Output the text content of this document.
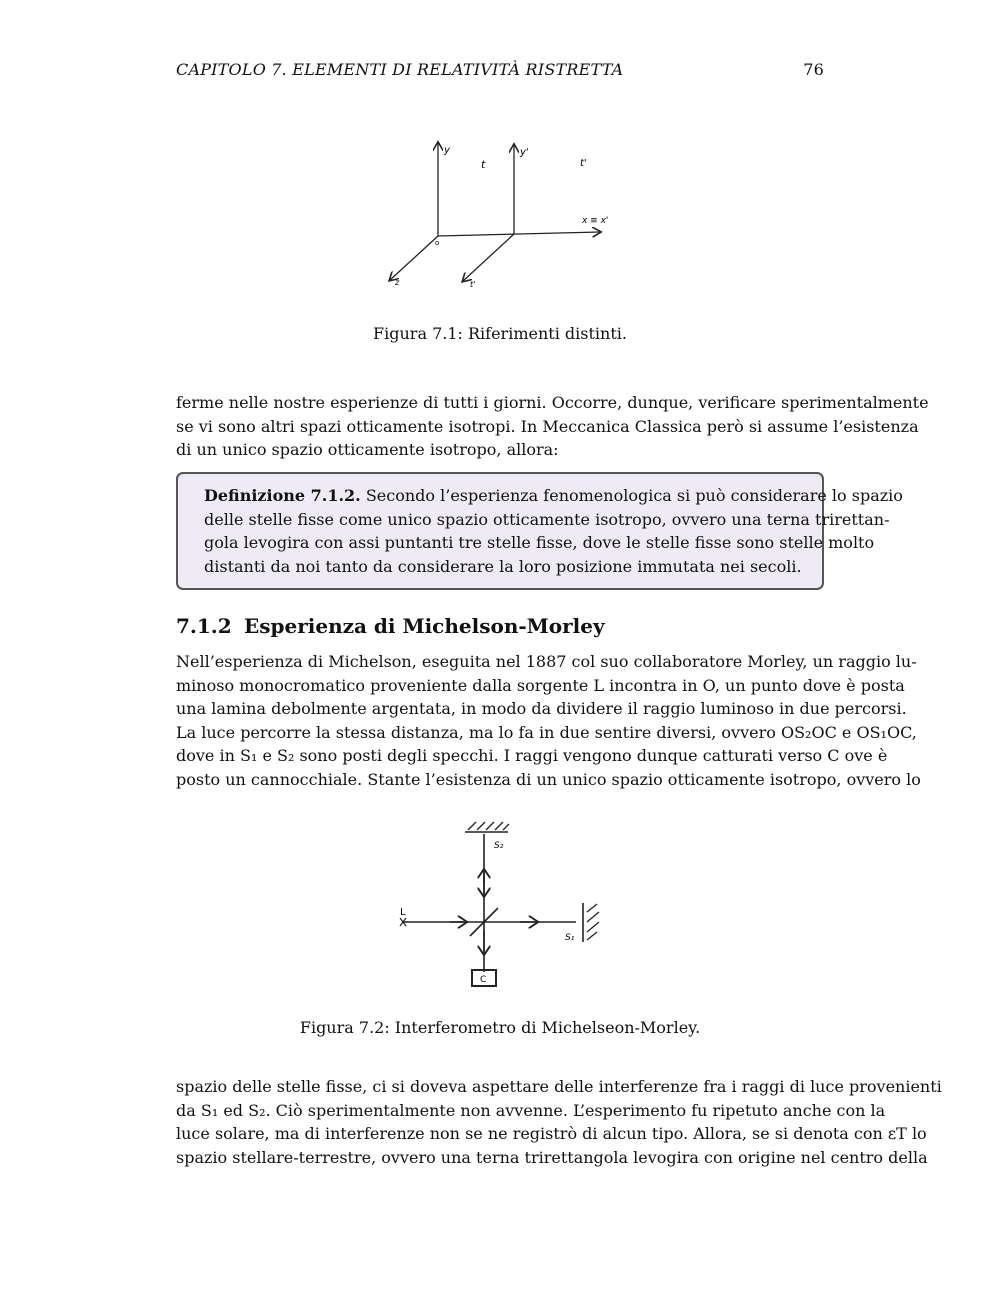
CAPITOLO 7. ELEMENTI DI RELATIVITÀ RISTRETTA	76
y	y'
t	t'
x ≡ x'
o
z	t'
Figura 7.1: Riferimenti distinti.
ferme nelle nostre esperienze di tutti i giorni. Occorre, dunque, verificare sperimentalmente
se vi sono altri spazi otticamente isotropi. In Meccanica Classica però si assume l’esistenza
di un unico spazio otticamente isotropo, allora:
Definizione 7.1.2. Secondo l’esperienza fenomenologica si può considerare lo spazio
delle stelle fisse come unico spazio otticamente isotropo, ovvero una terna trirettan-
gola levogira con assi puntanti tre stelle fisse, dove le stelle fisse sono stelle molto
distanti da noi tanto da considerare la loro posizione immutata nei secoli.
7.1.2 Esperienza di Michelson-Morley
Nell’esperienza di Michelson, eseguita nel 1887 col suo collaboratore Morley, un raggio lu-
minoso monocromatico proveniente dalla sorgente L incontra in O, un punto dove è posta
una lamina debolmente argentata, in modo da dividere il raggio luminoso in due percorsi.
La luce percorre la stessa distanza, ma lo fa in due sentire diversi, ovvero OS₂OC e OS₁OC,
dove in S₁ e S₂ sono posti degli specchi. I raggi vengono dunque catturati verso C ove è
posto un cannocchiale. Stante l’esistenza di un unico spazio otticamente isotropo, ovvero lo
L
S₂
S₁
C
Figura 7.2: Interferometro di Michelseon-Morley.
spazio delle stelle fisse, ci si doveva aspettare delle interferenze fra i raggi di luce provenienti
da S₁ ed S₂. Ciò sperimentalmente non avvenne. L’esperimento fu ripetuto anche con la
luce solare, ma di interferenze non se ne registrò di alcun tipo. Allora, se si denota con εT lo
spazio stellare-terrestre, ovvero una terna trirettangola levogira con origine nel centro della
